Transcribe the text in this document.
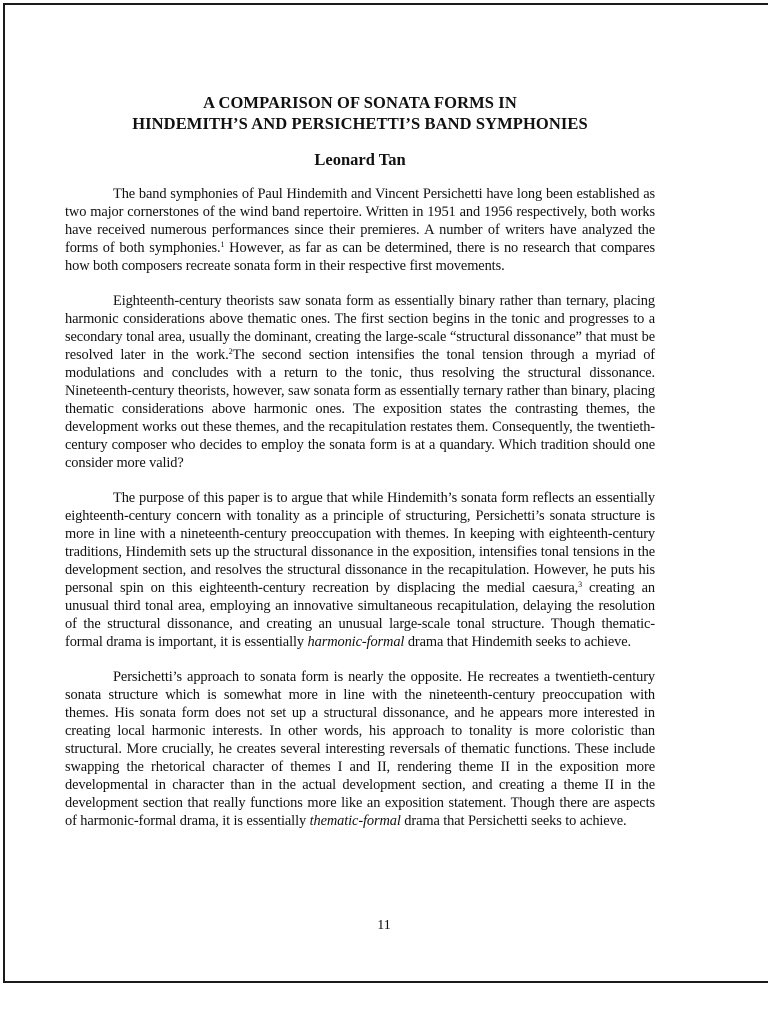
A COMPARISON OF SONATA FORMS IN
HINDEMITH’S AND PERSICHETTI’S BAND SYMPHONIES

Leonard Tan

The band symphonies of Paul Hindemith and Vincent Persichetti have long been established as two major cornerstones of the wind band repertoire. Written in 1951 and 1956 respectively, both works have received numerous performances since their premieres. A number of writers have analyzed the forms of both symphonies.$^1$ However, as far as can be determined, there is no research that compares how both composers recreate sonata form in their respective first movements.

Eighteenth-century theorists saw sonata form as essentially binary rather than ternary, placing harmonic considerations above thematic ones. The first section begins in the tonic and progresses to a secondary tonal area, usually the dominant, creating the large-scale “structural dissonance” that must be resolved later in the work.$^2$The second section intensifies the tonal tension through a myriad of modulations and concludes with a return to the tonic, thus resolving the structural dissonance. Nineteenth-century theorists, however, saw sonata form as essentially ternary rather than binary, placing thematic considerations above harmonic ones. The exposition states the contrasting themes, the development works out these themes, and the recapitulation restates them. Consequently, the twentieth-century composer who decides to employ the sonata form is at a quandary. Which tradition should one consider more valid?

The purpose of this paper is to argue that while Hindemith’s sonata form reflects an essentially eighteenth-century concern with tonality as a principle of structuring, Persichetti’s sonata structure is more in line with a nineteenth-century preoccupation with themes. In keeping with eighteenth-century traditions, Hindemith sets up the structural dissonance in the exposition, intensifies tonal tensions in the development section, and resolves the structural dissonance in the recapitulation. However, he puts his personal spin on this eighteenth-century recreation by displacing the medial caesura,$^3$ creating an unusual third tonal area, employing an innovative simultaneous recapitulation, delaying the resolution of the structural dissonance, and creating an unusual large-scale tonal structure. Though thematic-formal drama is important, it is essentially harmonic-formal drama that Hindemith seeks to achieve.

Persichetti’s approach to sonata form is nearly the opposite. He recreates a twentieth-century sonata structure which is somewhat more in line with the nineteenth-century preoccupation with themes. His sonata form does not set up a structural dissonance, and he appears more interested in creating local harmonic interests. In other words, his approach to tonality is more coloristic than structural. More crucially, he creates several interesting reversals of thematic functions. These include swapping the rhetorical character of themes I and II, rendering theme II in the exposition more developmental in character than in the actual development section, and creating a theme II in the development section that really functions more like an exposition statement. Though there are aspects of harmonic-formal drama, it is essentially thematic-formal drama that Persichetti seeks to achieve.

11
